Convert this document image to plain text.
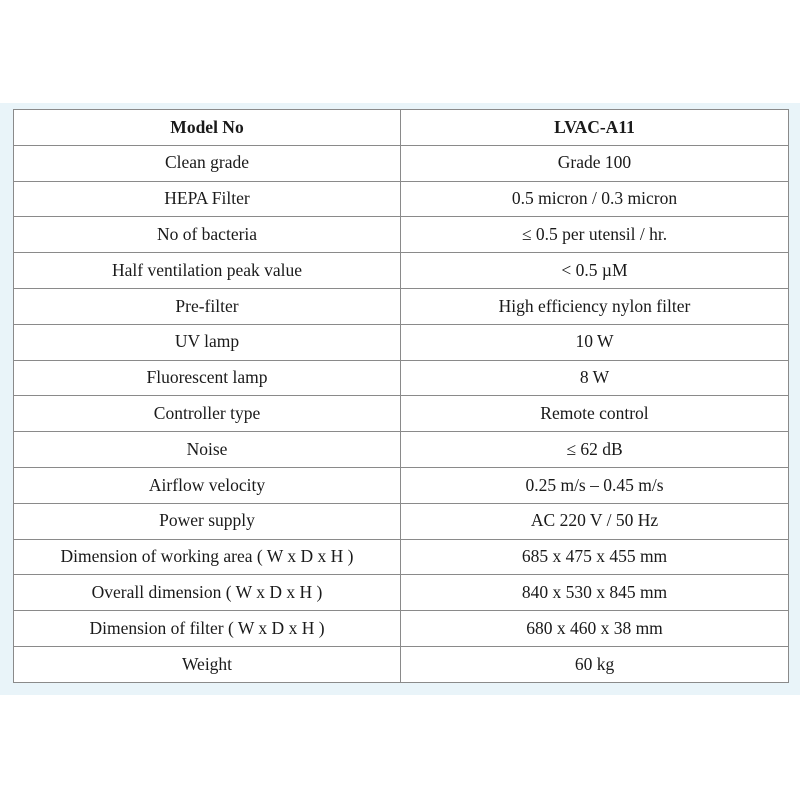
Model No	LVAC-A11
Clean grade	Grade 100
HEPA Filter	0.5 micron / 0.3 micron
No of bacteria	≤ 0.5 per utensil / hr.
Half ventilation peak value	< 0.5 µM
Pre-filter	High efficiency nylon filter
UV lamp	10 W
Fluorescent lamp	8 W
Controller type	Remote control
Noise	≤ 62 dB
Airflow velocity	0.25 m/s – 0.45 m/s
Power supply	AC 220 V / 50 Hz
Dimension of working area ( W x D x H )	685 x 475 x 455 mm
Overall dimension ( W x D x H )	840 x 530 x 845 mm
Dimension of filter ( W x D x H )	680 x 460 x 38 mm
Weight	60 kg
